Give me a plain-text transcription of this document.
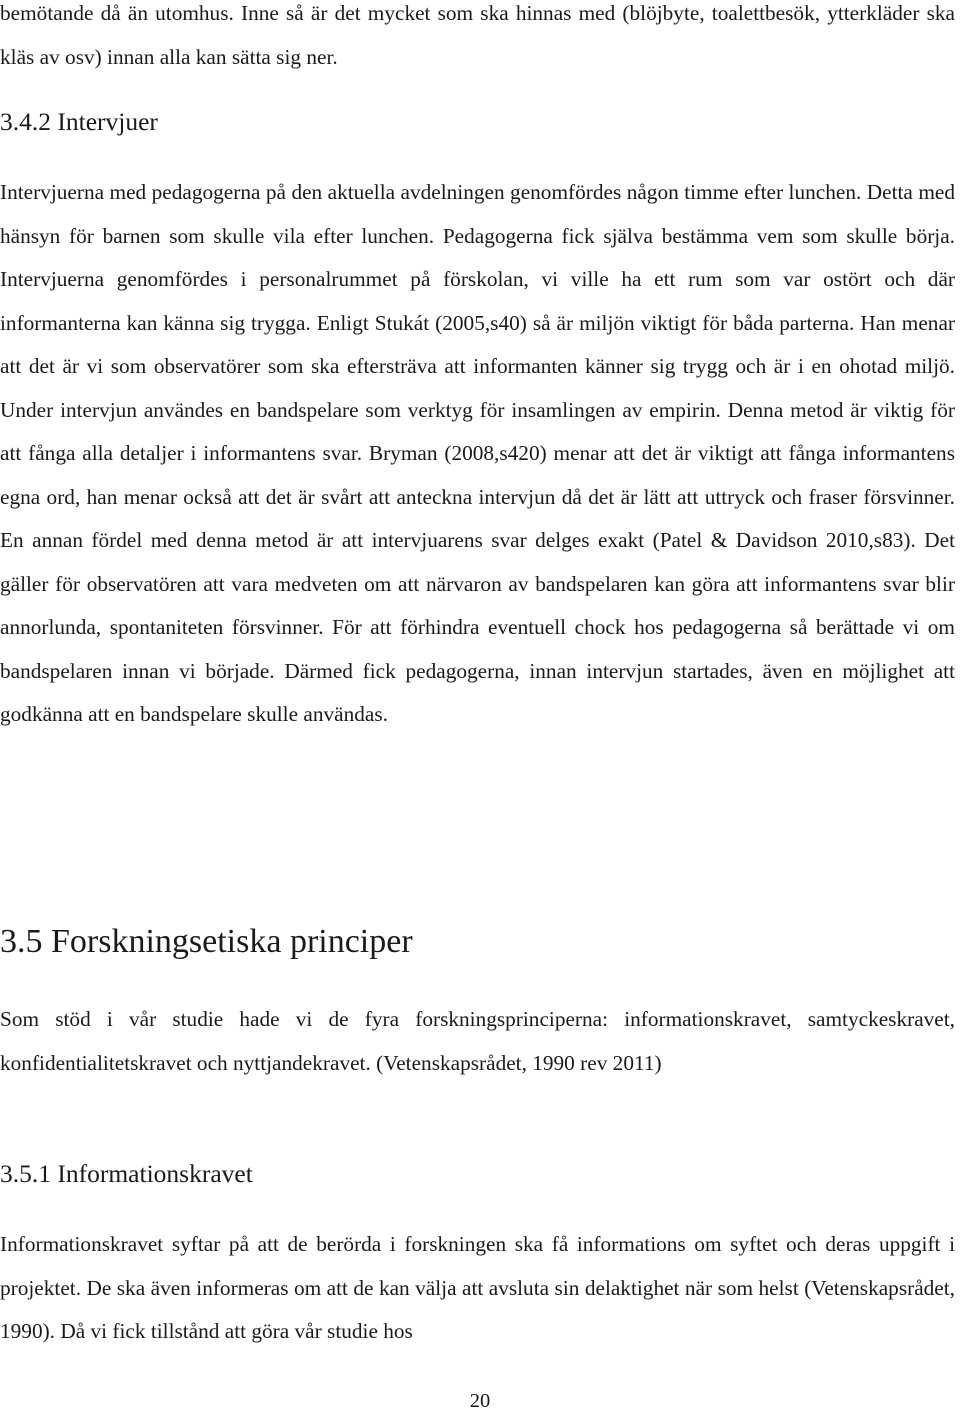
bemötande då än utomhus. Inne så är det mycket som ska hinnas med (blöjbyte, toalettbesök, ytterkläder ska kläs av osv) innan alla kan sätta sig ner.

3.4.2 Intervjuer

Intervjuerna med pedagogerna på den aktuella avdelningen genomfördes någon timme efter lunchen. Detta med hänsyn för barnen som skulle vila efter lunchen. Pedagogerna fick själva bestämma vem som skulle börja. Intervjuerna genomfördes i personalrummet på förskolan, vi ville ha ett rum som var ostört och där informanterna kan känna sig trygga. Enligt Stukát (2005,s40) så är miljön viktigt för båda parterna. Han menar att det är vi som observatörer som ska eftersträva att informanten känner sig trygg och är i en ohotad miljö. Under intervjun användes en bandspelare som verktyg för insamlingen av empirin. Denna metod är viktig för att fånga alla detaljer i informantens svar. Bryman (2008,s420) menar att det är viktigt att fånga informantens egna ord, han menar också att det är svårt att anteckna intervjun då det är lätt att uttryck och fraser försvinner. En annan fördel med denna metod är att intervjuarens svar delges exakt (Patel & Davidson 2010,s83). Det gäller för observatören att vara medveten om att närvaron av bandspelaren kan göra att informantens svar blir annorlunda, spontaniteten försvinner. För att förhindra eventuell chock hos pedagogerna så berättade vi om bandspelaren innan vi började. Därmed fick pedagogerna, innan intervjun startades, även en möjlighet att godkänna att en bandspelare skulle användas.

3.5 Forskningsetiska principer

Som stöd i vår studie hade vi de fyra forskningsprinciperna: informationskravet, samtyckeskravet, konfidentialitetskravet och nyttjandekravet. (Vetenskapsrådet, 1990 rev 2011)

3.5.1 Informationskravet

Informationskravet syftar på att de berörda i forskningen ska få informations om syftet och deras uppgift i projektet. De ska även informeras om att de kan välja att avsluta sin delaktighet när som helst (Vetenskapsrådet, 1990). Då vi fick tillstånd att göra vår studie hos

20
